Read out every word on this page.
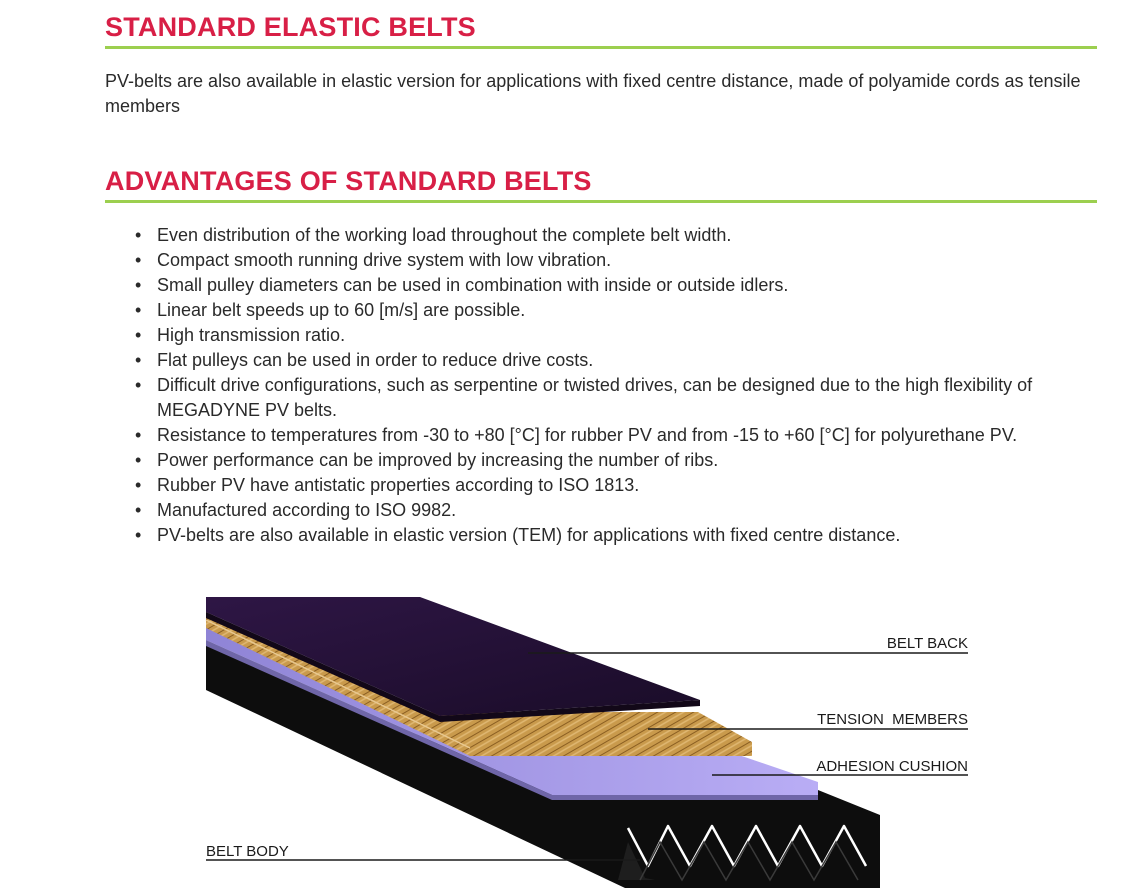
STANDARD ELASTIC BELTS

PV-belts are also available in elastic version for applications with fixed centre distance, made of polyamide cords as tensile members

ADVANTAGES OF STANDARD BELTS
• Even distribution of the working load throughout the complete belt width.
• Compact smooth running drive system with low vibration.
• Small pulley diameters can be used in combination with inside or outside idlers.
• Linear belt speeds up to 60 [m/s] are possible.
• High transmission ratio.
• Flat pulleys can be used in order to reduce drive costs.
• Difficult drive configurations, such as serpentine or twisted drives, can be designed due to the high flexibility of MEGADYNE PV belts.
• Resistance to temperatures from -30 to +80 [°C] for rubber PV and from -15 to +60 [°C] for polyurethane PV.
• Power performance can be improved by increasing the number of ribs.
• Rubber PV have antistatic properties according to ISO 1813.
• Manufactured according to ISO 9982.
• PV-belts are also available in elastic version (TEM) for applications with fixed centre distance.
BELT BACK
TENSION  MEMBERS
ADHESION CUSHION
BELT BODY
